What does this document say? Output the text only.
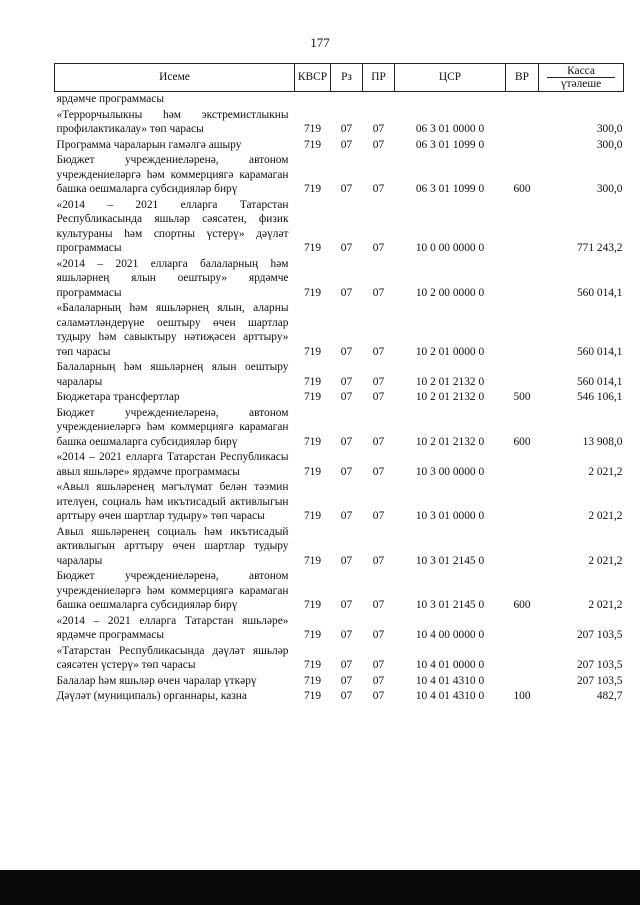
177
Исеме	КВСР	Рз	ПР	ЦСР	ВР	Касса
үтәлеше

ярдәмче программасы						
«Террорчылыкны һәм экстремистлыкны профилактикалау» төп чарасы	719	07	07	06 3 01 0000 0		300,0
Программа чараларын гамәлгә ашыру	719	07	07	06 3 01 1099 0		300,0
Бюджет учреждениеләренә, автоном учреждениеләргә һәм коммерциягә карамаган башка оешмаларга субсидияләр бирү	719	07	07	06 3 01 1099 0	600	300,0
«2014 – 2021 елларга Татарстан Республикасында яшьләр сәясәтен, физик культураны һәм спортны үстерү» дәүләт программасы	719	07	07	10 0 00 0000 0		771 243,2
«2014 – 2021 елларга балаларның һәм яшьләрнең ялын оештыру» ярдәмче программасы	719	07	07	10 2 00 0000 0		560 014,1
«Балаларның һәм яшьләрнең ялын, аларны сәламәтләндерүне оештыру өчен шартлар тудыру һәм савыктыру нәтиҗәсен арттыру» төп чарасы	719	07	07	10 2 01 0000 0		560 014,1
Балаларның һәм яшьләрнең ялын оештыру чаралары	719	07	07	10 2 01 2132 0		560 014,1
Бюджетара трансфертлар	719	07	07	10 2 01 2132 0	500	546 106,1
Бюджет учреждениеләренә, автоном учреждениеләргә һәм коммерциягә карамаган башка оешмаларга субсидияләр бирү	719	07	07	10 2 01 2132 0	600	13 908,0
«2014 – 2021 елларга Татарстан Республикасы авыл яшьләре» ярдәмче программасы	719	07	07	10 3 00 0000 0		2 021,2
«Авыл яшьләренең мәгълүмат белән тәэмин ителүен, социаль һәм икътисадый активлыгын арттыру өчен шартлар тудыру» төп чарасы	719	07	07	10 3 01 0000 0		2 021,2
Авыл яшьләренең социаль һәм икътисадый активлыгын арттыру өчен шартлар тудыру чаралары	719	07	07	10 3 01 2145 0		2 021,2
Бюджет учреждениеләренә, автоном учреждениеләргә һәм коммерциягә карамаган башка оешмаларга субсидияләр бирү	719	07	07	10 3 01 2145 0	600	2 021,2
«2014 – 2021 елларга Татарстан яшьләре» ярдәмче программасы	719	07	07	10 4 00 0000 0		207 103,5
«Татарстан Республикасында дәүләт яшьләр сәясәтен үстерү» төп чарасы	719	07	07	10 4 01 0000 0		207 103,5
Балалар һәм яшьләр өчен чаралар үткәрү	719	07	07	10 4 01 4310 0		207 103,5
Дәүләт (муниципаль) органнары, казна	719	07	07	10 4 01 4310 0	100	482,7
